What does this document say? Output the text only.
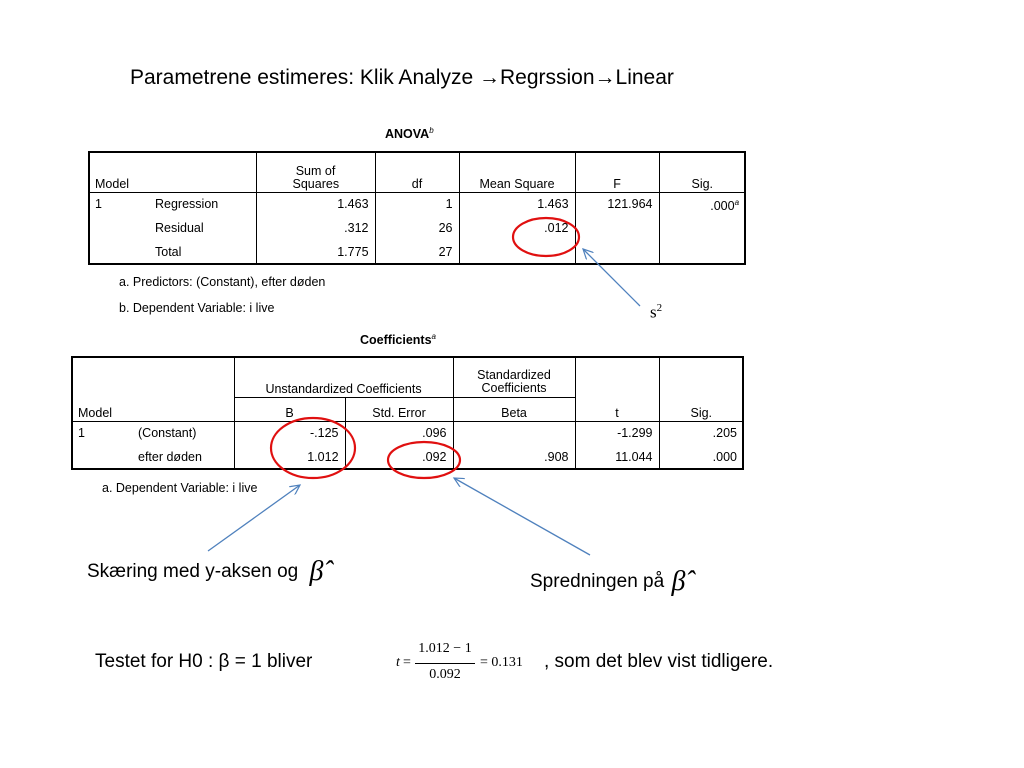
Parametrene estimeres: Klik Analyze →Regrssion→Linear
ANOVA$^b$
Model		Sum of Squares	df	Mean Square	F	Sig.
1	Regression	1.463	1	1.463	121.964	.000$^a$
	Residual	.312	26	.012		
	Total	1.775	27			
a. Predictors: (Constant), efter døden
b. Dependent Variable: i live	$s^2$
Coefficients$^a$
Model		Unstandardized Coefficients		Standardized Coefficients	t	Sig.
		B	Std. Error	Beta		
1	(Constant)	-.125	.096		-1.299	.205
	efter døden	1.012	.092	.908	11.044	.000
a. Dependent Variable: i live
Skæring med y-aksen og β̂	Spredningen på β̂
Testet for H0 : β = 1 bliver	t =
1.012 − 1
0.092
= 0.131 , som det blev vist tidligere.
